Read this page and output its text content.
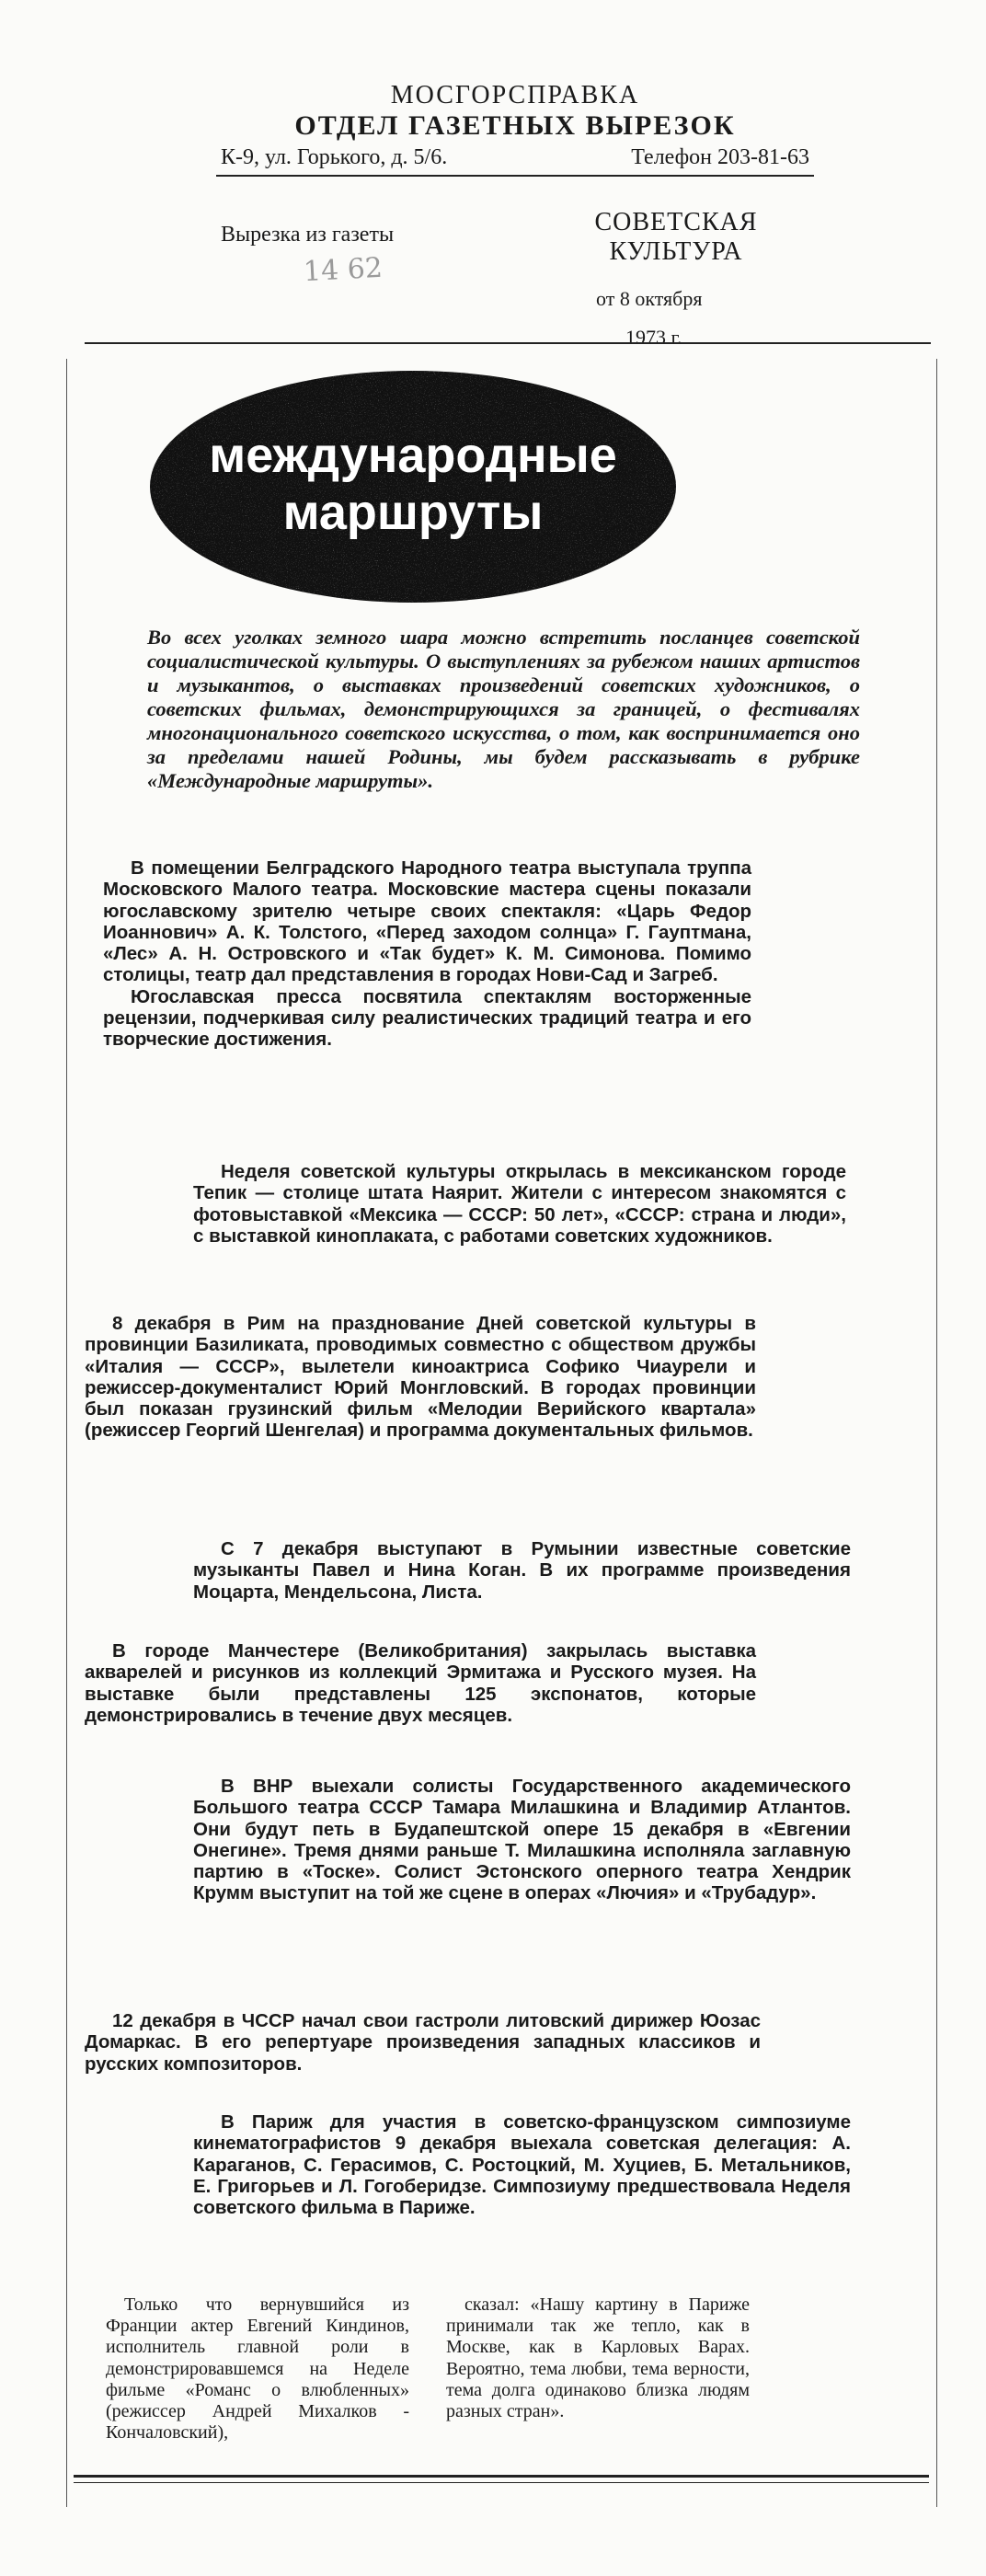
МОСГОРСПРАВКА
ОТДЕЛ ГАЗЕТНЫХ ВЫРЕЗОК
К-9, ул. Горького, д. 5/6.	Телефон 203-81-63
Вырезка из газеты
14 62
СОВЕТСКАЯ
КУЛЬТУРА
от 8 октября
1973 г.
международные
маршруты

Во всех уголках земного шара можно встретить посланцев советской социалистической культуры. О выступлениях за рубежом наших артистов и музыкантов, о выставках произведений советских художников, о советских фильмах, демонстрирующихся за границей, о фестивалях многонационального советского искусства, о том, как воспринимается оно за пределами нашей Родины, мы будем рассказывать в рубрике «Международные маршруты».

В помещении Белградского Народного театра выступала труппа Московского Малого театра. Московские мастера сцены показали югославскому зрителю четыре своих спектакля: «Царь Федор Иоаннович» А. К. Толстого, «Перед заходом солнца» Г. Гауптмана, «Лес» А. Н. Островского и «Так будет» К. М. Симонова. Помимо столицы, театр дал представления в городах Нови-Сад и Загреб.

Югославская пресса посвятила спектаклям восторженные рецензии, подчеркивая силу реалистических традиций театра и его творческие достижения.

Неделя советской культуры открылась в мексиканском городе Тепик — столице штата Наярит. Жители с интересом знакомятся с фотовыставкой «Мексика — СССР: 50 лет», «СССР: страна и люди», с выставкой киноплаката, с работами советских художников.

8 декабря в Рим на празднование Дней советской культуры в провинции Базиликата, проводимых совместно с обществом дружбы «Италия — СССР», вылетели киноактриса Софико Чиаурели и режиссер-документалист Юрий Монгловский. В городах провинции был показан грузинский фильм «Мелодии Верийского квартала» (режиссер Георгий Шенгелая) и программа документальных фильмов.

С 7 декабря выступают в Румынии известные советские музыканты Павел и Нина Коган. В их программе произведения Моцарта, Мендельсона, Листа.

В городе Манчестере (Великобритания) закрылась выставка акварелей и рисунков из коллекций Эрмитажа и Русского музея. На выставке были представлены 125 экспонатов, которые демонстрировались в течение двух месяцев.

В ВНР выехали солисты Государственного академического Большого театра СССР Тамара Милашкина и Владимир Атлантов. Они будут петь в Будапештской опере 15 декабря в «Евгении Онегине». Тремя днями раньше Т. Милашкина исполняла заглавную партию в «Тоске». Солист Эстонского оперного театра Хендрик Крумм выступит на той же сцене в операх «Лючия» и «Трубадур».

12 декабря в ЧССР начал свои гастроли литовский дирижер Юозас Домаркас. В его репертуаре произведения западных классиков и русских композиторов.

В Париж для участия в советско-французском симпозиуме кинематографистов 9 декабря выехала советская делегация: А. Караганов, С. Герасимов, С. Ростоцкий, М. Хуциев, Б. Метальников, Е. Григорьев и Л. Гогоберидзе. Симпозиуму предшествовала Неделя советского фильма в Париже.

Только что вернувшийся из Франции актер Евгений Киндинов, исполнитель главной роли в демонстрировавшемся на Неделе фильме «Романс о влюбленных» (режиссер Андрей Михалков - Кончаловский),

сказал: «Нашу картину в Париже принимали так же тепло, как в Москве, как в Карловых Варах. Вероятно, тема любви, тема верности, тема долга одинаково близка людям разных стран».
